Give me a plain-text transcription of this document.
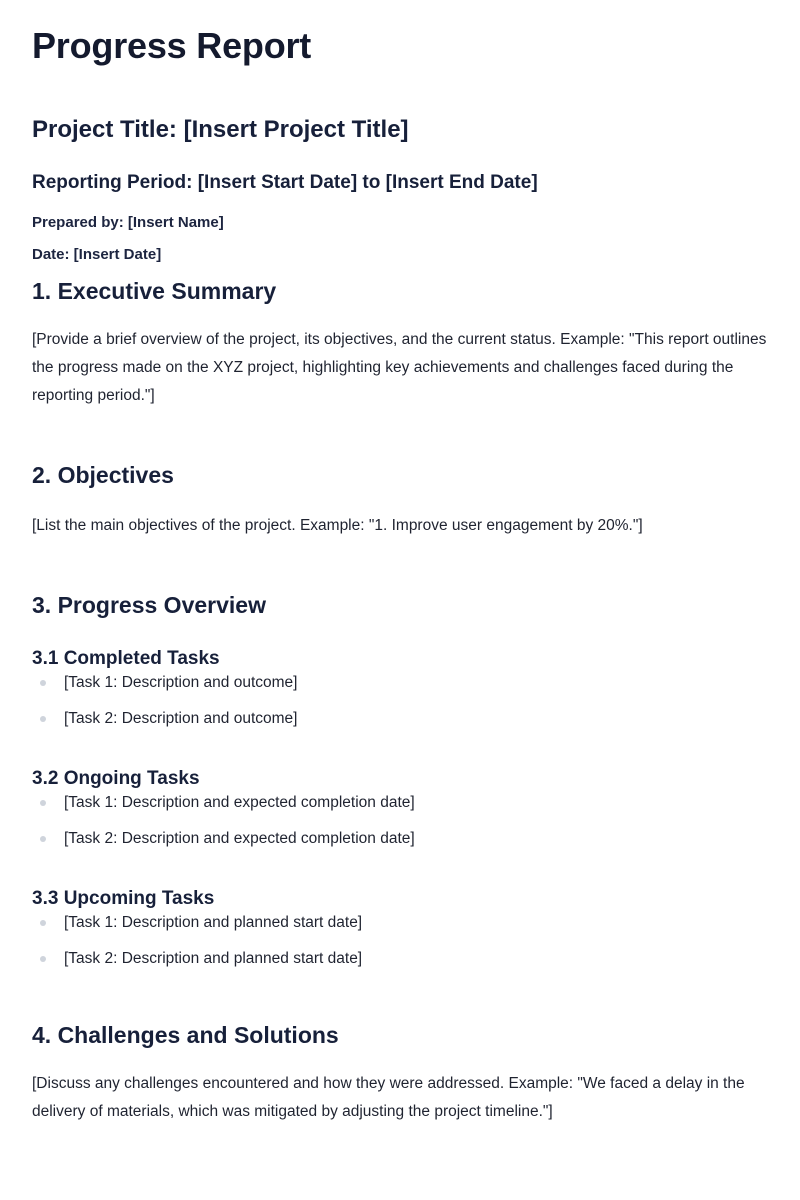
Progress Report
Project Title: [Insert Project Title]
Reporting Period: [Insert Start Date] to [Insert End Date]

Prepared by: [Insert Name]

Date: [Insert Date]

1. Executive Summary

[Provide a brief overview of the project, its objectives, and the current status. Example: "This report outlines the progress made on the XYZ project, highlighting key achievements and challenges faced during the reporting period."]

2. Objectives

[List the main objectives of the project. Example: "1. Improve user engagement by 20%."]

3. Progress Overview
3.1 Completed Tasks
[Task 1: Description and outcome]
[Task 2: Description and outcome]
3.2 Ongoing Tasks
[Task 1: Description and expected completion date]
[Task 2: Description and expected completion date]
3.3 Upcoming Tasks
[Task 1: Description and planned start date]
[Task 2: Description and planned start date]
4. Challenges and Solutions

[Discuss any challenges encountered and how they were addressed. Example: "We faced a delay in the delivery of materials, which was mitigated by adjusting the project timeline."]
